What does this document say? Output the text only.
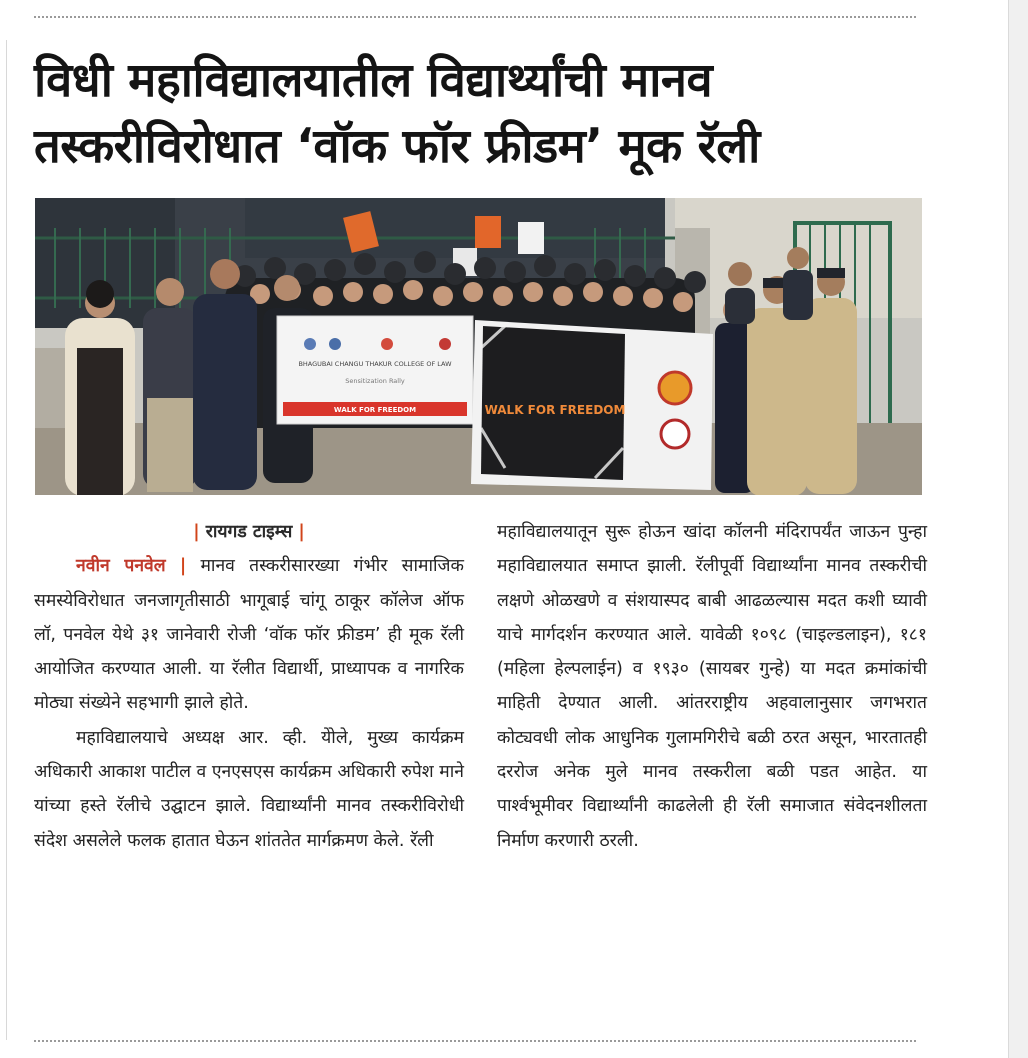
विधी महाविद्यालयातील विद्यार्थ्यांची मानव
तस्करीविरोधात ‘वॉक फॉर फ्रीडम’ मूक रॅली
BHAGUBAI CHANGU THAKUR COLLEGE OF LAW
Sensitization Rally
WALK FOR FREEDOM	WALK FOR FREEDOM

| रायगड टाइम्स |

नवीन पनवेल | मानव तस्करीसारख्या गंभीर सामाजिक समस्येविरोधात जनजागृतीसाठी भागूबाई चांगू ठाकूर कॉलेज ऑफ लॉ, पनवेल येथे ३१ जानेवारी रोजी ‘वॉक फॉर फ्रीडम’ ही मूक रॅली आयोजित करण्यात आली. या रॅलीत विद्यार्थी, प्राध्यापक व नागरिक मोठ्या संख्येने सहभागी झाले होते.

महाविद्यालयाचे अध्यक्ष आर. व्ही. येोले, मुख्य कार्यक्रम अधिकारी आकाश पाटील व एनएसएस कार्यक्रम अधिकारी रुपेश माने यांच्या हस्ते रॅलीचे उद्घाटन झाले. विद्यार्थ्यांनी मानव तस्करीविरोधी संदेश असलेले फलक हातात घेऊन शांततेत मार्गक्रमण केले. रॅली

महाविद्यालयातून सुरू होऊन खांदा कॉलनी मंदिरापर्यंत जाऊन पुन्हा महाविद्यालयात समाप्त झाली. रॅलीपूर्वी विद्यार्थ्यांना मानव तस्करीची लक्षणे ओळखणे व संशयास्पद बाबी आढळल्यास मदत कशी घ्यावी याचे मार्गदर्शन करण्यात आले. यावेळी १०९८ (चाइल्डलाइन), १८१ (महिला हेल्पलाईन) व १९३० (सायबर गुन्हे) या मदत क्रमांकांची माहिती देण्यात आली. आंतरराष्ट्रीय अहवालानुसार जगभरात कोट्यवधी लोक आधुनिक गुलामगिरीचे बळी ठरत असून, भारतातही दररोज अनेक मुले मानव तस्करीला बळी पडत आहेत. या पार्श्वभूमीवर विद्यार्थ्यांनी काढलेली ही रॅली समाजात संवेदनशीलता निर्माण करणारी ठरली.
